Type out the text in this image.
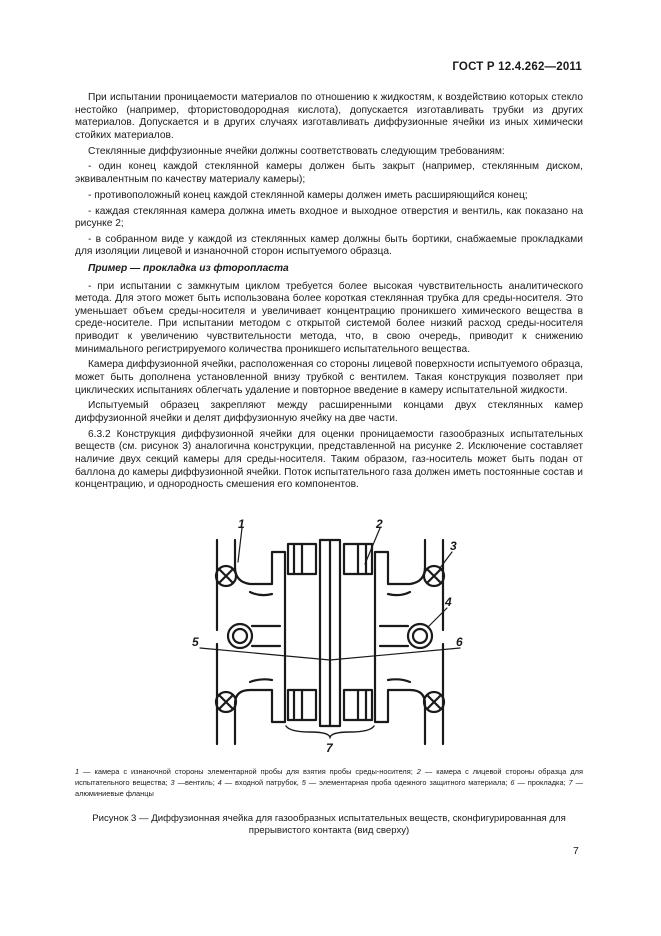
ГОСТ Р 12.4.262—2011

При испытании проницаемости материалов по отношению к жидкостям, к воздействию которых стекло нестойко (например, фтористоводородная кислота), допускается изготавливать трубки из других материалов. Допускается и в других случаях изготавливать диффузионные ячейки из иных химически стойких материалов.

Стеклянные диффузионные ячейки должны соответствовать следующим требованиям:

- один конец каждой стеклянной камеры должен быть закрыт (например, стеклянным диском, эквивалентным по качеству материалу камеры);

- противоположный конец каждой стеклянной камеры должен иметь расширяющийся конец;

- каждая стеклянная камера должна иметь входное и выходное отверстия и вентиль, как показано на рисунке 2;

- в собранном виде у каждой из стеклянных камер должны быть бортики, снабжаемые прокладками для изоляции лицевой и изнаночной сторон испытуемого образца.

Пример — прокладка из фторопласта

- при испытании с замкнутым циклом требуется более высокая чувствительность аналитического метода. Для этого может быть использована более короткая стеклянная трубка для среды-носителя. Это уменьшает объем среды-носителя и увеличивает концентрацию проникшего химического вещества в среде-носителе. При испытании методом с открытой системой более низкий расход среды-носителя приводит к увеличению чувствительности метода, что, в свою очередь, приводит к снижению минимального регистрируемого количества проникшего испытательного вещества.

Камера диффузионной ячейки, расположенная со стороны лицевой поверхности испытуемого образца, может быть дополнена установленной внизу трубкой с вентилем. Такая конструкция позволяет при циклических испытаниях облегчать удаление и повторное введение в камеру испытательной жидкости.

Испытуемый образец закрепляют между расширенными концами двух стеклянных камер диффузионной ячейки и делят диффузионную ячейку на две части.

6.3.2 Конструкция диффузионной ячейки для оценки проницаемости газообразных испытательных веществ (см. рисунок 3) аналогична конструкции, представленной на рисунке 2. Исключение составляет наличие двух секций камеры для среды-носителя. Таким образом, газ-носитель может быть подан от баллона до камеры диффузионной ячейки. Поток испытательного газа должен иметь постоянные состав и концентрацию, и однородность смешения его компонентов.

1	2
3
4
5	6
7
1 — камера с изнаночной стороны элементарной пробы для взятия пробы среды-носителя; 2 — камера с лицевой стороны образца для испытательного вещества; 3 —вентиль; 4 — входной патрубок, 5 — элементарная проба одежного защитного материала; 6 — прокладка; 7 — алюминиевые фланцы
Рисунок 3 — Диффузионная ячейка для газообразных испытательных веществ, сконфигурированная для прерывистого контакта (вид сверху)
7
